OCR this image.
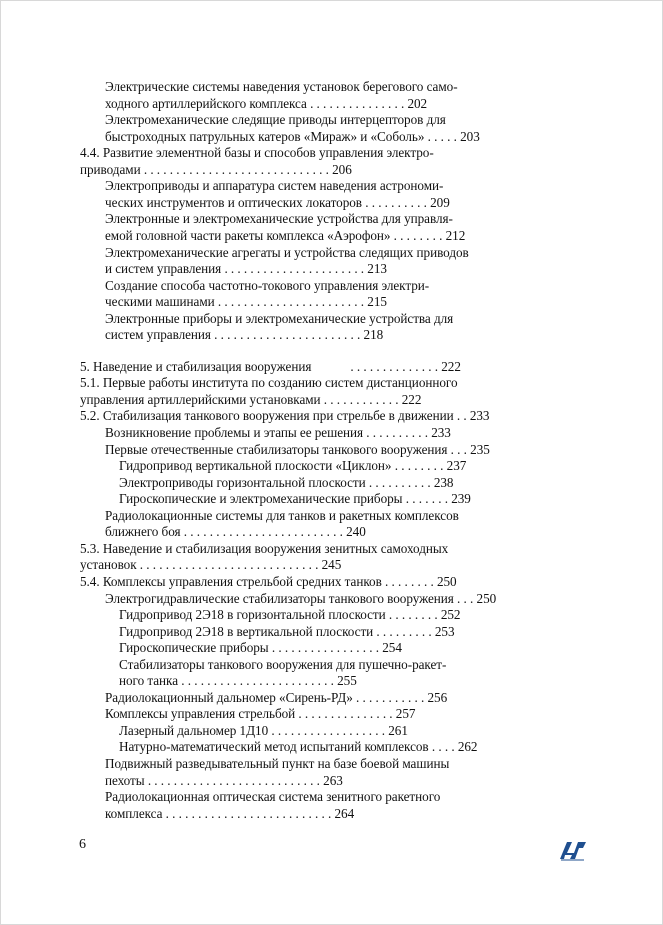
Электрические системы наведения установок берегового само-
ходного артиллерийского комплекса . . . . . . . . . . . . . . . 202
Электромеханические следящие приводы интерцепторов для
быстроходных патрульных катеров «Мираж» и «Соболь» . . . . . 203
4.4. Развитие элементной базы и способов управления электро-
приводами . . . . . . . . . . . . . . . . . . . . . . . . . . . . . 206
Электроприводы и аппаратура систем наведения астрономи-
ческих инструментов и оптических локаторов . . . . . . . . . . 209
Электронные и электромеханические устройства для управля-
емой головной части ракеты комплекса «Аэрофон» . . . . . . . . 212
Электромеханические агрегаты и устройства следящих приводов
и систем управления . . . . . . . . . . . . . . . . . . . . . . 213
Создание способа частотно-токового управления электри-
ческими машинами . . . . . . . . . . . . . . . . . . . . . . . 215
Электронные приборы и электромеханические устройства для
систем управления . . . . . . . . . . . . . . . . . . . . . . . 218
5. Наведение и стабилизация вооружения            . . . . . . . . . . . . . . 222
5.1. Первые работы института по созданию систем дистанционного
управления артиллерийскими установками . . . . . . . . . . . . 222
5.2. Стабилизация танкового вооружения при стрельбе в движении . . 233
Возникновение проблемы и этапы ее решения . . . . . . . . . . 233
Первые отечественные стабилизаторы танкового вооружения . . . 235
Гидропривод вертикальной плоскости «Циклон» . . . . . . . . 237
Электроприводы горизонтальной плоскости . . . . . . . . . . 238
Гироскопические и электромеханические приборы . . . . . . . 239
Радиолокационные системы для танков и ракетных комплексов
ближнего боя . . . . . . . . . . . . . . . . . . . . . . . . . 240
5.3. Наведение и стабилизация вооружения зенитных самоходных
установок . . . . . . . . . . . . . . . . . . . . . . . . . . . . 245
5.4. Комплексы управления стрельбой средних танков . . . . . . . . 250
Электрогидравлические стабилизаторы танкового вооружения . . . 250
Гидропривод 2Э18 в горизонтальной плоскости . . . . . . . . 252
Гидропривод 2Э18 в вертикальной плоскости . . . . . . . . . 253
Гироскопические приборы . . . . . . . . . . . . . . . . . 254
Стабилизаторы танкового вооружения для пушечно-ракет-
ного танка . . . . . . . . . . . . . . . . . . . . . . . . 255
Радиолокационный дальномер «Сирень-РД» . . . . . . . . . . . 256
Комплексы управления стрельбой . . . . . . . . . . . . . . . 257
Лазерный дальномер 1Д10 . . . . . . . . . . . . . . . . . . 261
Натурно-математический метод испытаний комплексов . . . . 262
Подвижный разведывательный пункт на базе боевой машины
пехоты . . . . . . . . . . . . . . . . . . . . . . . . . . . 263
Радиолокационная оптическая система зенитного ракетного
комплекса . . . . . . . . . . . . . . . . . . . . . . . . . . 264
6
